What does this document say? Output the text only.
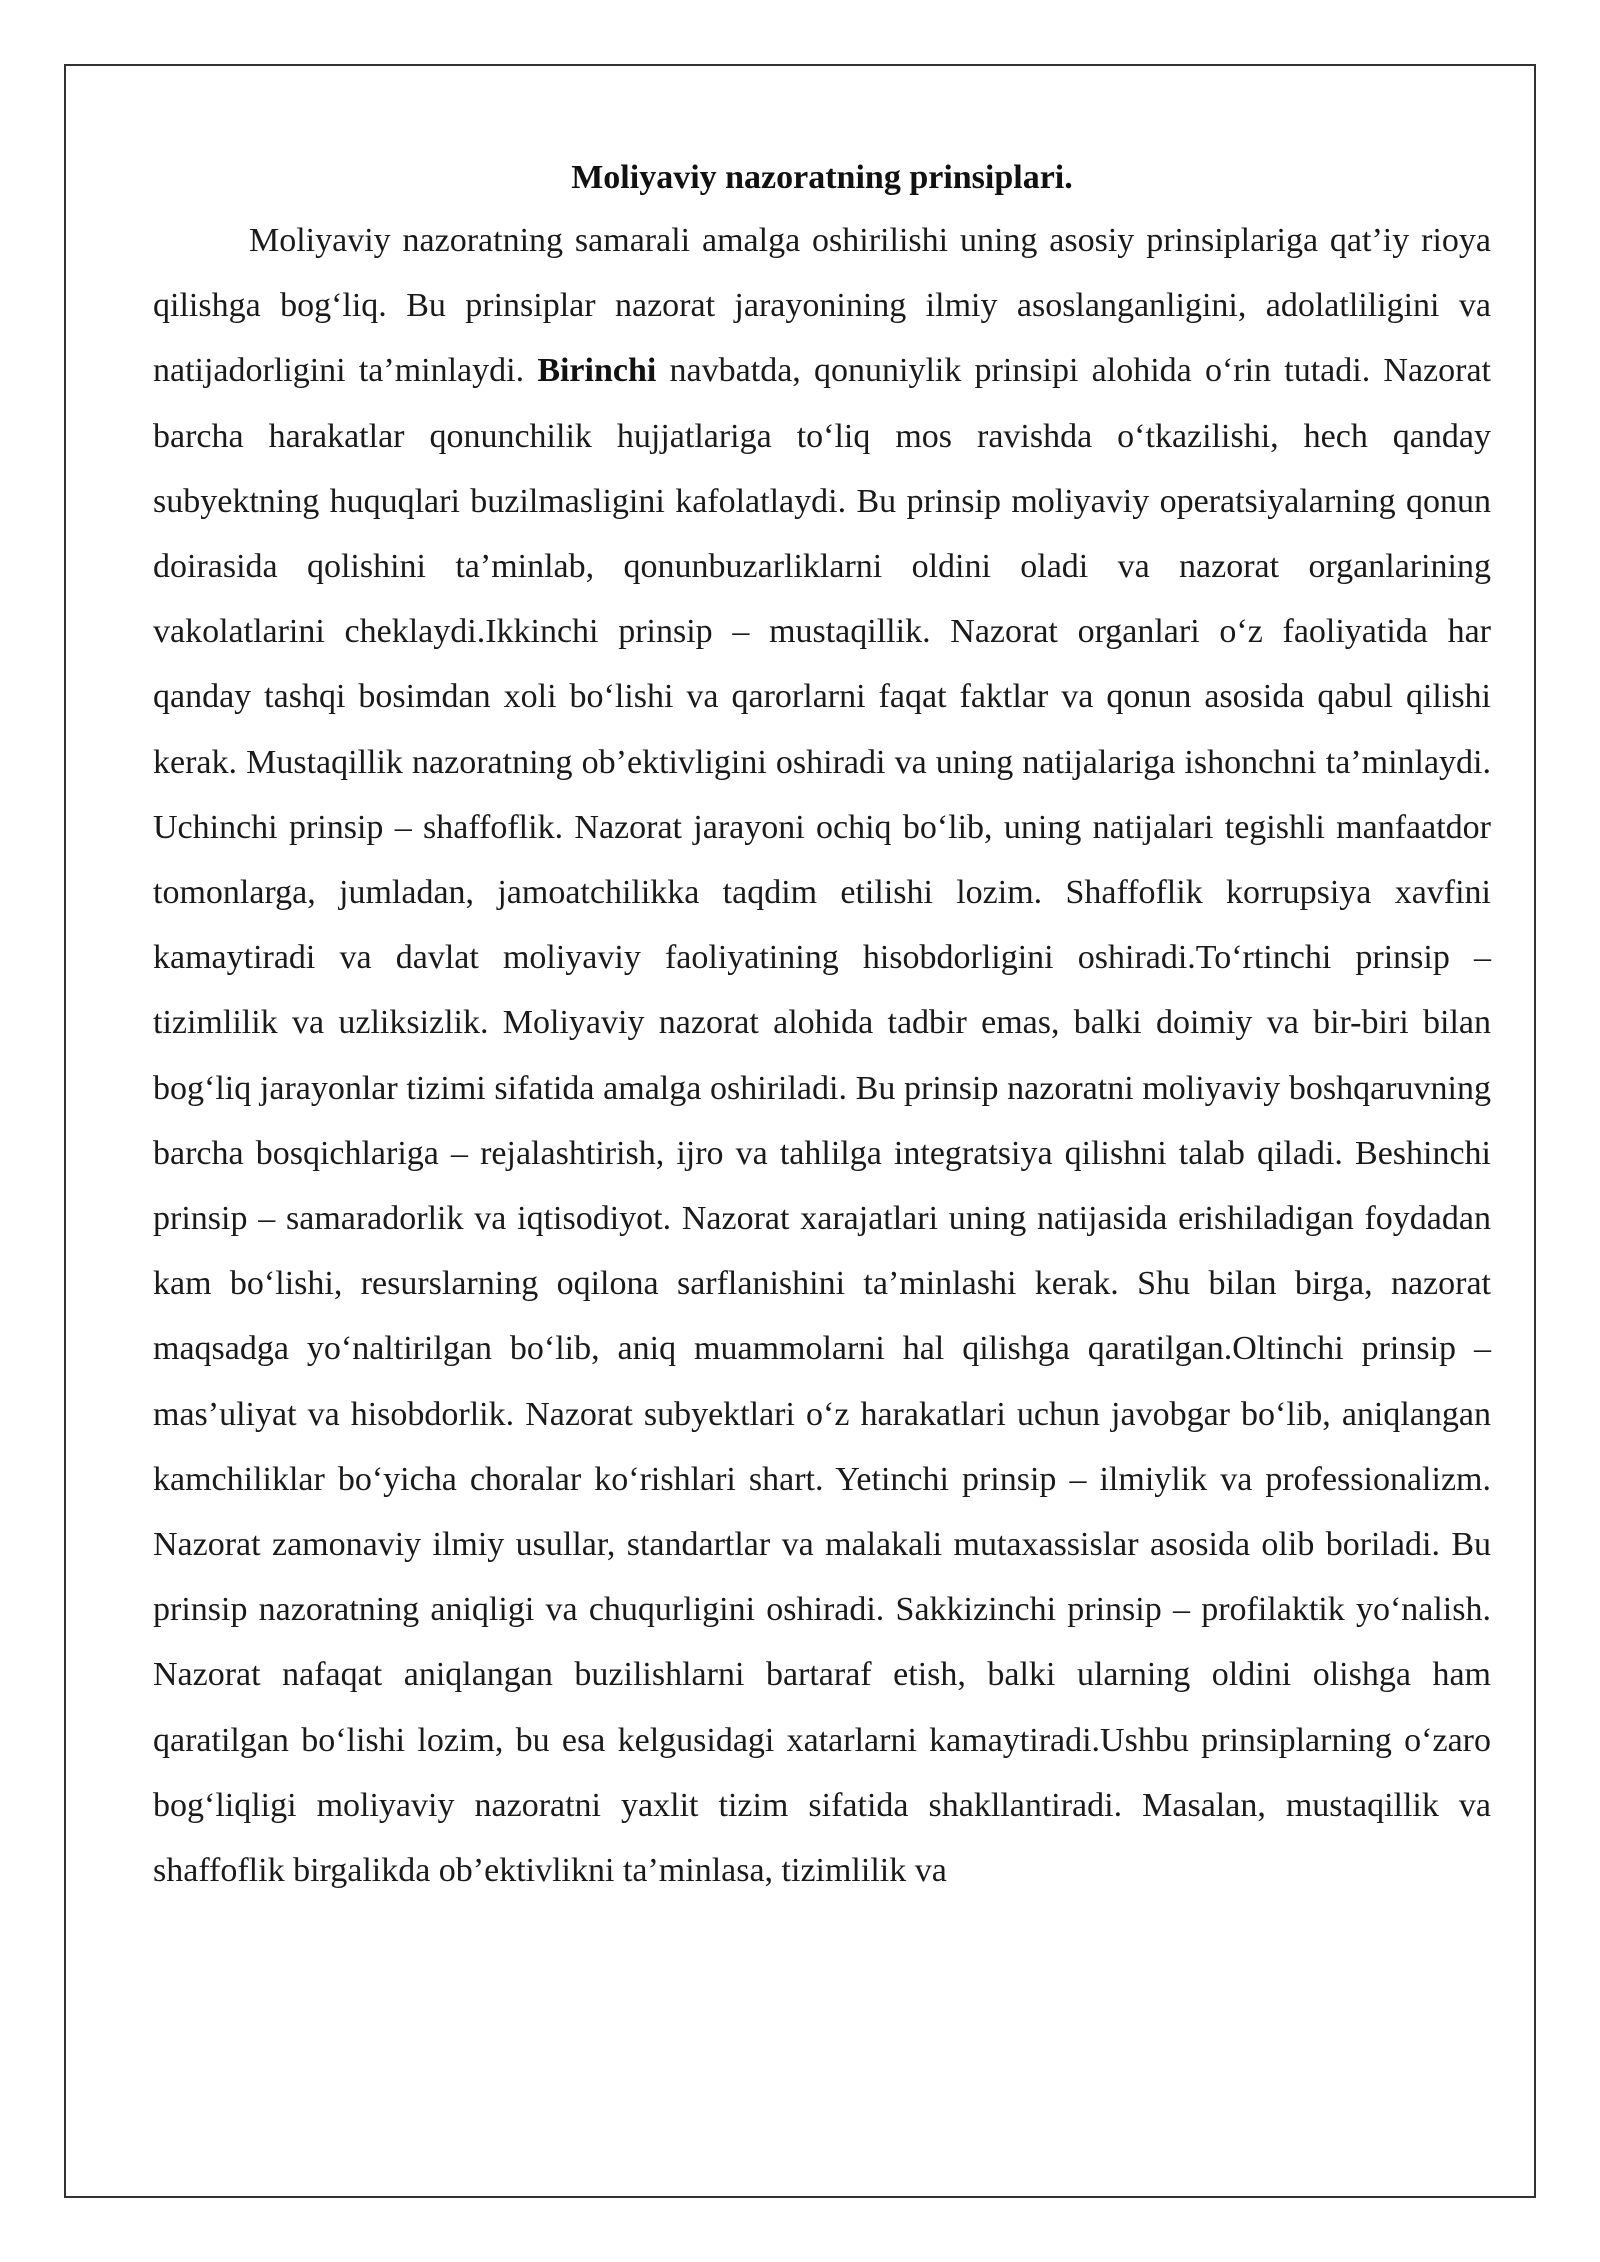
Moliyaviy nazoratning prinsiplari.

Moliyaviy nazoratning samarali amalga oshirilishi uning asosiy prinsiplariga qat’iy rioya qilishga bog‘liq. Bu prinsiplar nazorat jarayonining ilmiy asoslanganligini, adolatliligini va natijadorligini ta’minlaydi. Birinchi navbatda, qonuniylik prinsipi alohida o‘rin tutadi. Nazorat barcha harakatlar qonunchilik hujjatlariga to‘liq mos ravishda o‘tkazilishi, hech qanday subyektning huquqlari buzilmasligini kafolatlaydi. Bu prinsip moliyaviy operatsiyalarning qonun doirasida qolishini ta’minlab, qonunbuzarliklarni oldini oladi va nazorat organlarining vakolatlarini cheklaydi.Ikkinchi prinsip – mustaqillik. Nazorat organlari o‘z faoliyatida har qanday tashqi bosimdan xoli bo‘lishi va qarorlarni faqat faktlar va qonun asosida qabul qilishi kerak. Mustaqillik nazoratning ob’ektivligini oshiradi va uning natijalariga ishonchni ta’minlaydi. Uchinchi prinsip – shaffoflik. Nazorat jarayoni ochiq bo‘lib, uning natijalari tegishli manfaatdor tomonlarga, jumladan, jamoatchilikka taqdim etilishi lozim. Shaffoflik korrupsiya xavfini kamaytiradi va davlat moliyaviy faoliyatining hisobdorligini oshiradi.To‘rtinchi prinsip – tizimlilik va uzliksizlik. Moliyaviy nazorat alohida tadbir emas, balki doimiy va bir-biri bilan bog‘liq jarayonlar tizimi sifatida amalga oshiriladi. Bu prinsip nazoratni moliyaviy boshqaruvning barcha bosqichlariga – rejalashtirish, ijro va tahlilga integratsiya qilishni talab qiladi. Beshinchi prinsip – samaradorlik va iqtisodiyot. Nazorat xarajatlari uning natijasida erishiladigan foydadan kam bo‘lishi, resurslarning oqilona sarflanishini ta’minlashi kerak. Shu bilan birga, nazorat maqsadga yo‘naltirilgan bo‘lib, aniq muammolarni hal qilishga qaratilgan.Oltinchi prinsip – mas’uliyat va hisobdorlik. Nazorat subyektlari o‘z harakatlari uchun javobgar bo‘lib, aniqlangan kamchiliklar bo‘yicha choralar ko‘rishlari shart. Yetinchi prinsip – ilmiylik va professionalizm. Nazorat zamonaviy ilmiy usullar, standartlar va malakali mutaxassislar asosida olib boriladi. Bu prinsip nazoratning aniqligi va chuqurligini oshiradi. Sakkizinchi prinsip – profilaktik yo‘nalish. Nazorat nafaqat aniqlangan buzilishlarni bartaraf etish, balki ularning oldini olishga ham qaratilgan bo‘lishi lozim, bu esa kelgusidagi xatarlarni kamaytiradi.Ushbu prinsiplarning o‘zaro bog‘liqligi moliyaviy nazoratni yaxlit tizim sifatida shakllantiradi. Masalan, mustaqillik va shaffoflik birgalikda ob’ektivlikni ta’minlasa, tizimlilik va
